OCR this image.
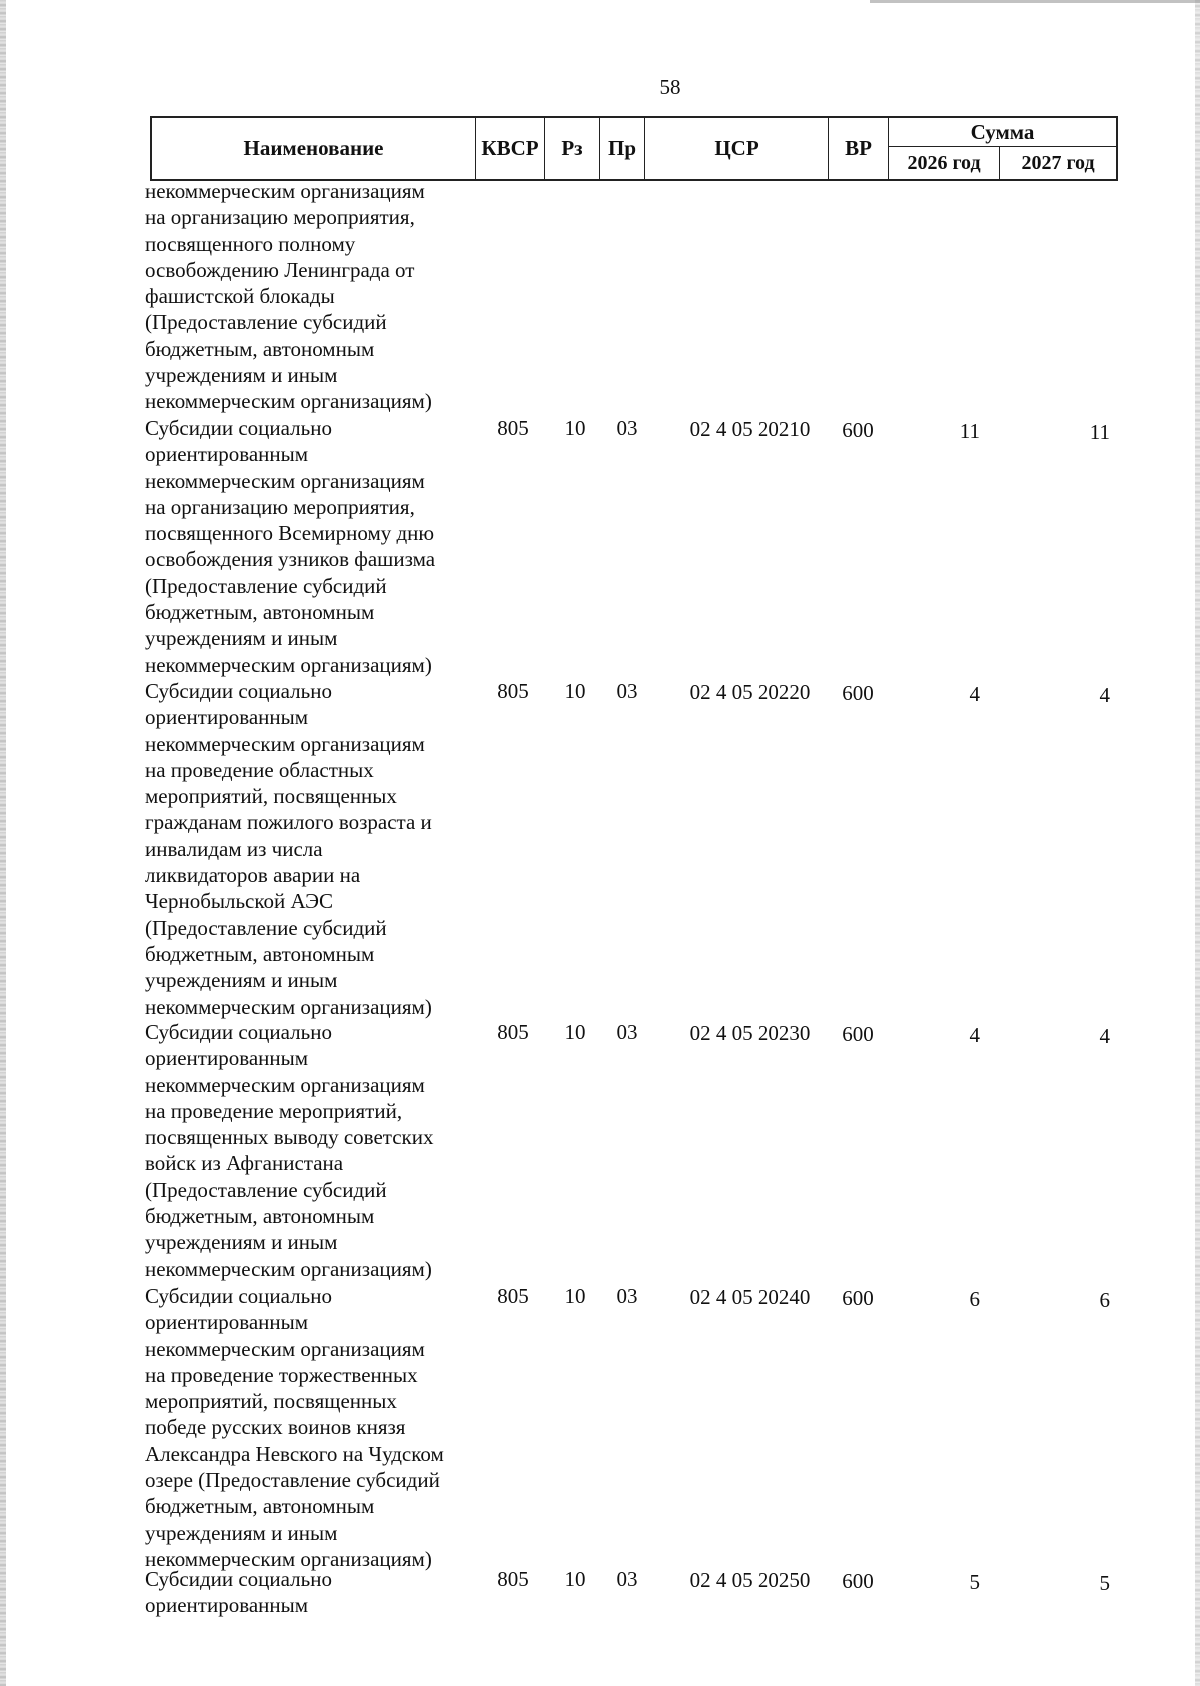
58
Наименование	КВСР	Рз	Пр	ЦСР	ВР
Сумма
2026 год	2027 год
некоммерческим организациям
на организацию мероприятия,
посвященного полному
освобождению Ленинграда от
фашистской блокады
(Предоставление субсидий
бюджетным, автономным
учреждениям и иным
некоммерческим организациям)
Субсидии социально
ориентированным
некоммерческим организациям
на организацию мероприятия,
посвященного Всемирному дню
освобождения узников фашизма
(Предоставление субсидий
бюджетным, автономным
учреждениям и иным
некоммерческим организациям)
805	10	03	02 4 05 20210	600	11	11
Субсидии социально
ориентированным
некоммерческим организациям
на проведение областных
мероприятий, посвященных
гражданам пожилого возраста и
инвалидам из числа
ликвидаторов аварии на
Чернобыльской АЭС
(Предоставление субсидий
бюджетным, автономным
учреждениям и иным
некоммерческим организациям)
805	10	03	02 4 05 20220	600	4	4
Субсидии социально
ориентированным
некоммерческим организациям
на проведение мероприятий,
посвященных выводу советских
войск из Афганистана
(Предоставление субсидий
бюджетным, автономным
учреждениям и иным
некоммерческим организациям)
805	10	03	02 4 05 20230	600	4	4
Субсидии социально
ориентированным
некоммерческим организациям
на проведение торжественных
мероприятий, посвященных
победе русских воинов князя
Александра Невского на Чудском
озере (Предоставление субсидий
бюджетным, автономным
учреждениям и иным
некоммерческим организациям)
805	10	03	02 4 05 20240	600	6	6
Субсидии социально
ориентированным
805	10	03	02 4 05 20250	600	5	5
